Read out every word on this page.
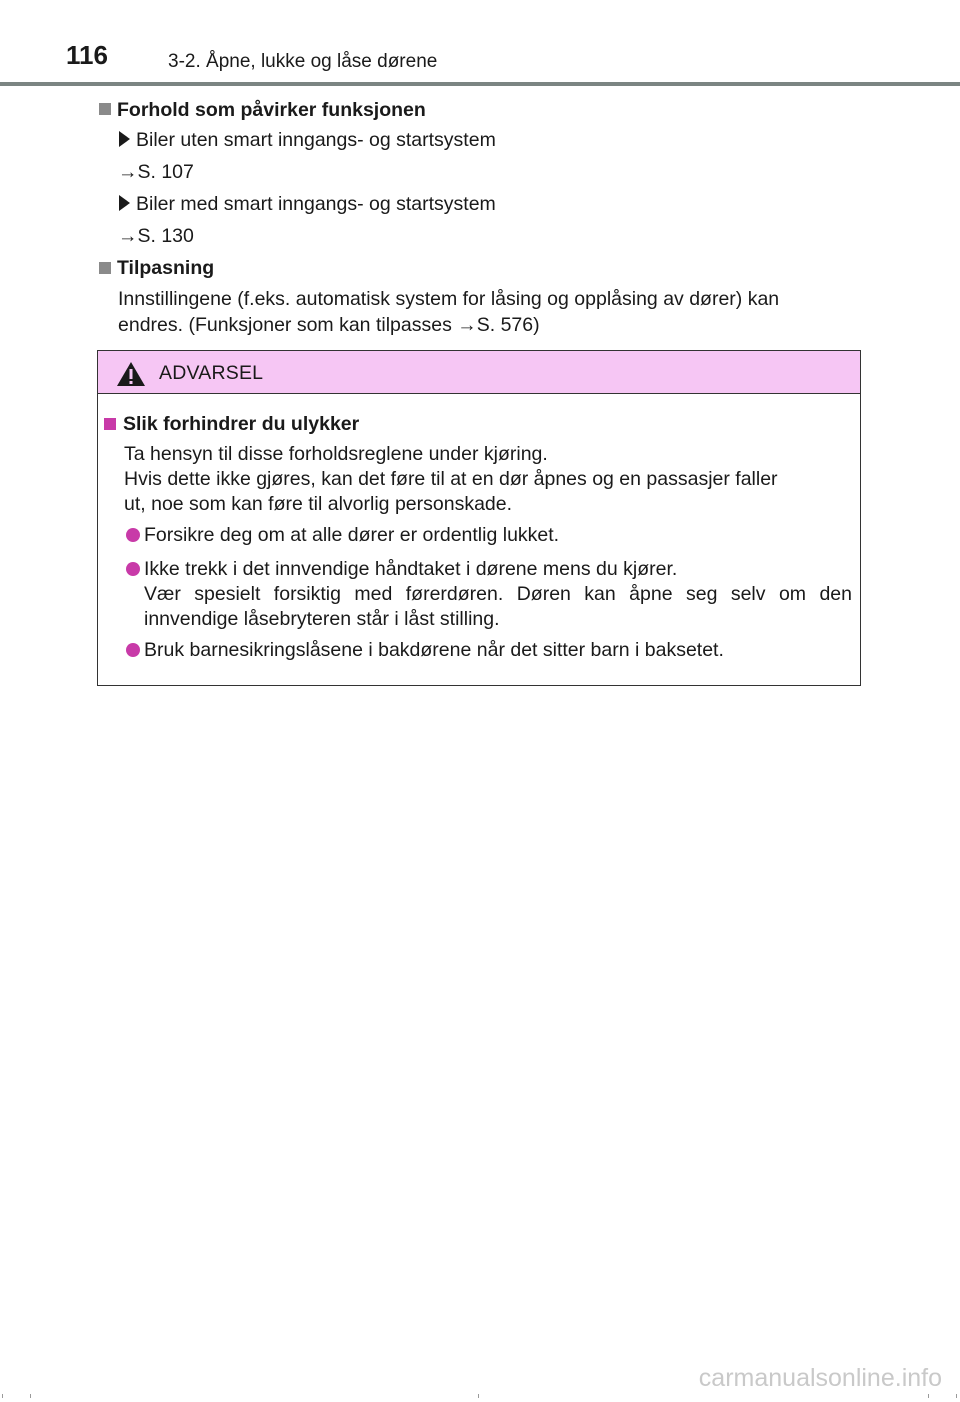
116	3-2. Åpne, lukke og låse dørene
Forhold som påvirker funksjonen
Biler uten smart inngangs- og startsystem
→S. 107
Biler med smart inngangs- og startsystem
→S. 130
Tilpasning
Innstillingene (f.eks. automatisk system for låsing og opplåsing av dører) kan
endres. (Funksjoner som kan tilpasses →S. 576)
ADVARSEL
Slik forhindrer du ulykker
Ta hensyn til disse forholdsreglene under kjøring.
Hvis dette ikke gjøres, kan det føre til at en dør åpnes og en passasjer faller
ut, noe som kan føre til alvorlig personskade.
Forsikre deg om at alle dører er ordentlig lukket.
Ikke trekk i det innvendige håndtaket i dørene mens du kjører.
Vær spesielt forsiktig med førerdøren. Døren kan åpne seg selv om den
innvendige låsebryteren står i låst stilling.
Bruk barnesikringslåsene i bakdørene når det sitter barn i baksetet.
carmanualsonline.info
